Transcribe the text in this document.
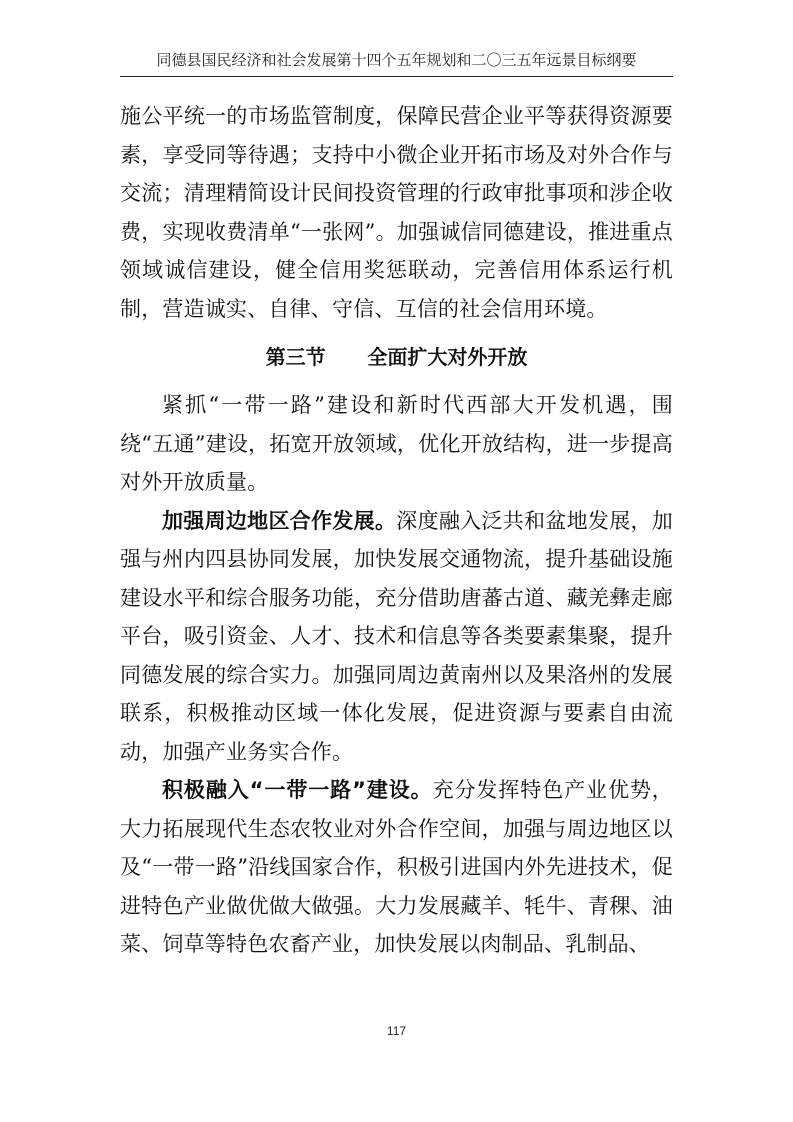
同德县国民经济和社会发展第十四个五年规划和二〇三五年远景目标纲要

施公平统一的市场监管制度，保障民营企业平等获得资源要素，享受同等待遇；支持中小微企业开拓市场及对外合作与交流；清理精简设计民间投资管理的行政审批事项和涉企收费，实现收费清单“一张网”。加强诚信同德建设，推进重点领域诚信建设，健全信用奖惩联动，完善信用体系运行机制，营造诚实、自律、守信、互信的社会信用环境。

第三节 全面扩大对外开放

紧抓“一带一路”建设和新时代西部大开发机遇，围绕“五通”建设，拓宽开放领域，优化开放结构，进一步提高对外开放质量。

加强周边地区合作发展。深度融入泛共和盆地发展，加强与州内四县协同发展，加快发展交通物流，提升基础设施建设水平和综合服务功能，充分借助唐蕃古道、藏羌彝走廊平台，吸引资金、人才、技术和信息等各类要素集聚，提升同德发展的综合实力。加强同周边黄南州以及果洛州的发展联系，积极推动区域一体化发展，促进资源与要素自由流动，加强产业务实合作。

积极融入“一带一路”建设。充分发挥特色产业优势，大力拓展现代生态农牧业对外合作空间，加强与周边地区以及“一带一路”沿线国家合作，积极引进国内外先进技术，促进特色产业做优做大做强。大力发展藏羊、牦牛、青稞、油菜、饲草等特色农畜产业，加快发展以肉制品、乳制品、

117
